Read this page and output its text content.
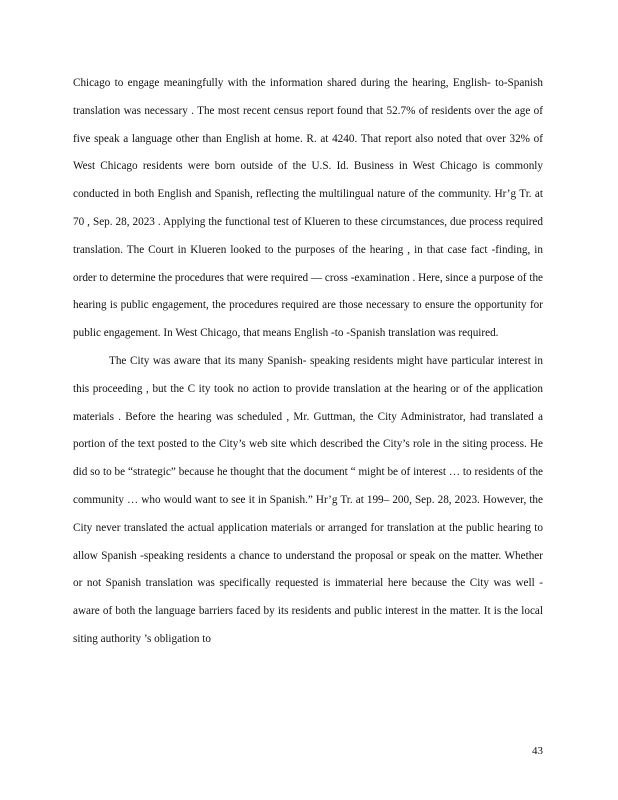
Chicago to engage meaningfully with the information shared during the hearing, English- to-Spanish translation was necessary . The most recent census report found that 52.7% of residents over the age of five speak a language other than English at home. R. at 4240. That report also noted that over 32% of West Chicago residents were born outside of the U.S. Id. Business in West Chicago is commonly conducted in both English and Spanish, reflecting the multilingual nature of the community. Hr’g Tr. at 70 , Sep. 28, 2023 . Applying the functional test of Klueren to these circumstances, due process required translation. The Court in Klueren looked to the purposes of the hearing , in that case fact -finding, in order to determine the procedures that were required — cross -examination . Here, since a purpose of the hearing is public engagement, the procedures required are those necessary to ensure the opportunity for public engagement. In West Chicago, that means English -to -Spanish translation was required.

The City was aware that its many Spanish- speaking residents might have particular interest in this proceeding , but the C ity took no action to provide translation at the hearing or of the application materials . Before the hearing was scheduled , Mr. Guttman, the City Administrator, had translated a portion of the text posted to the City’s web site which described the City’s role in the siting process. He did so to be “strategic” because he thought that the document “ might be of interest … to residents of the community … who would want to see it in Spanish.” Hr’g Tr. at 199– 200, Sep. 28, 2023. However, the City never translated the actual application materials or arranged for translation at the public hearing to allow Spanish -speaking residents a chance to understand the proposal or speak on the matter. Whether or not Spanish translation was specifically requested is immaterial here because the City was well -aware of both the language barriers faced by its residents and public interest in the matter. It is the local siting authority ’s obligation to

43
